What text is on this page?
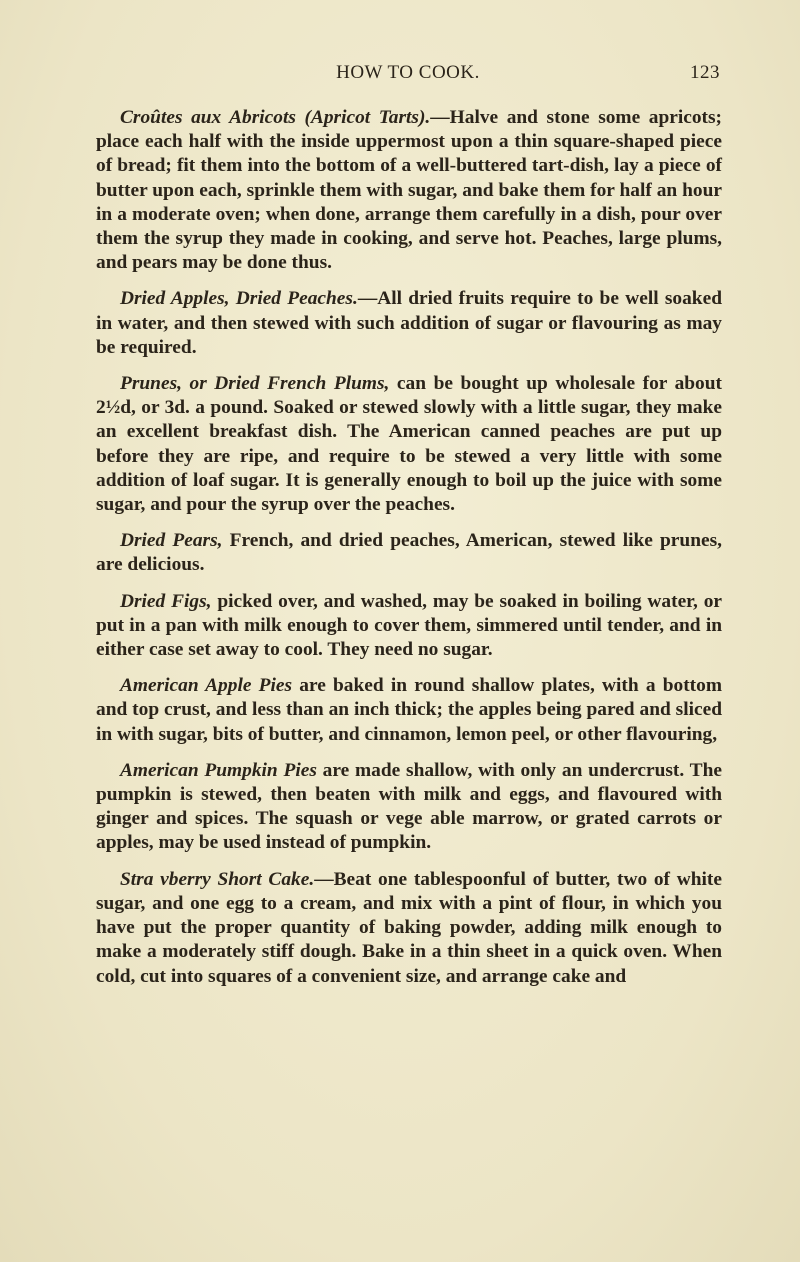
HOW TO COOK.	123

Croûtes aux Abricots (Apricot Tarts).—Halve and stone some apricots; place each half with the inside uppermost upon a thin square-shaped piece of bread; fit them into the bottom of a well-buttered tart-dish, lay a piece of butter upon each, sprinkle them with sugar, and bake them for half an hour in a moderate oven; when done, arrange them carefully in a dish, pour over them the syrup they made in cooking, and serve hot. Peaches, large plums, and pears may be done thus.

Dried Apples, Dried Peaches.—All dried fruits require to be well soaked in water, and then stewed with such addition of sugar or flavouring as may be required.

Prunes, or Dried French Plums, can be bought up wholesale for about 2½d, or 3d. a pound. Soaked or stewed slowly with a little sugar, they make an excellent breakfast dish. The American canned peaches are put up before they are ripe, and require to be stewed a very little with some addition of loaf sugar. It is generally enough to boil up the juice with some sugar, and pour the syrup over the peaches.

Dried Pears, French, and dried peaches, American, stewed like prunes, are delicious.

Dried Figs, picked over, and washed, may be soaked in boiling water, or put in a pan with milk enough to cover them, simmered until tender, and in either case set away to cool. They need no sugar.

American Apple Pies are baked in round shallow plates, with a bottom and top crust, and less than an inch thick; the apples being pared and sliced in with sugar, bits of butter, and cinnamon, lemon peel, or other flavouring,

American Pumpkin Pies are made shallow, with only an undercrust. The pumpkin is stewed, then beaten with milk and eggs, and flavoured with ginger and spices. The squash or vege able marrow, or grated carrots or apples, may be used instead of pumpkin.

Stra vberry Short Cake.—Beat one tablespoonful of butter, two of white sugar, and one egg to a cream, and mix with a pint of flour, in which you have put the proper quantity of baking powder, adding milk enough to make a moderately stiff dough. Bake in a thin sheet in a quick oven. When cold, cut into squares of a convenient size, and arrange cake and
